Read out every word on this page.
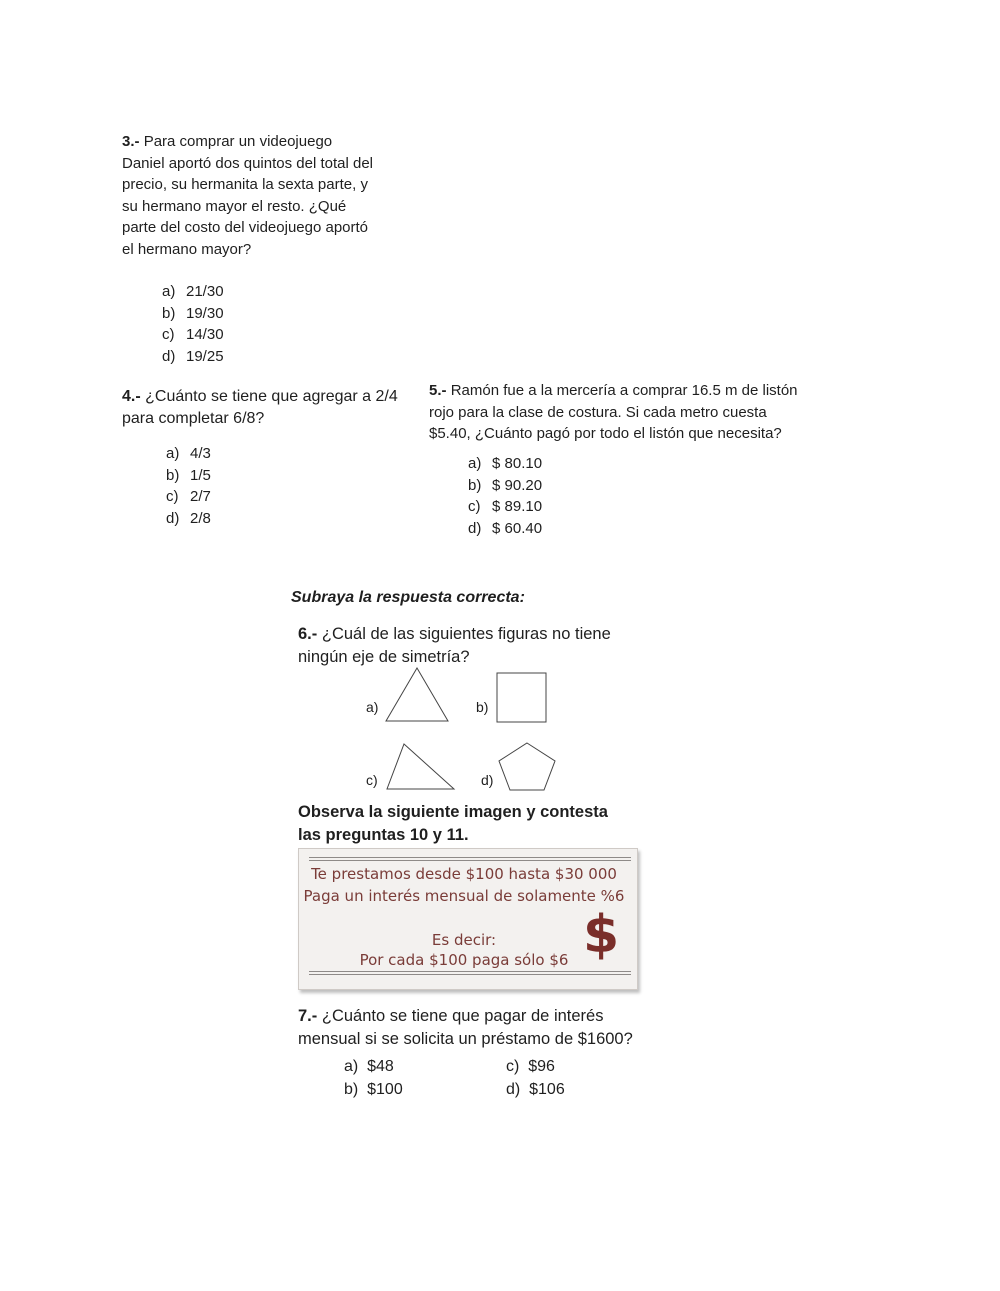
3.- Para comprar un videojuego
Daniel aportó dos quintos del total del
precio, su hermanita la sexta parte, y
su hermano mayor el resto. ¿Qué
parte del costo del videojuego aportó
el hermano mayor?
a) 21/30
b) 19/30
c) 14/30
d) 19/25
4.- ¿Cuánto se tiene que agregar a 2/4
para completar 6/8?
a) 4/3
b) 1/5
c) 2/7
d) 2/8
5.- Ramón fue a la mercería a comprar 16.5 m de listón
rojo para la clase de costura. Si cada metro cuesta
$5.40, ¿Cuánto pagó por todo el listón que necesita?
a) $ 80.10
b) $ 90.20
c) $ 89.10
d) $ 60.40
Subraya la respuesta correcta:
6.- ¿Cuál de las siguientes figuras no tiene
ningún eje de simetría?
a)	b)
c)	d)
Observa la siguiente imagen y contesta
las preguntas 10 y 11.
Te prestamos desde $100 hasta $30 000
Paga un interés mensual de solamente %6
Es decir:
Por cada $100 paga sólo $6 $
7.- ¿Cuánto se tiene que pagar de interés
mensual si se solicita un préstamo de $1600?
a) $48
b) $100
c) $96
d) $106
